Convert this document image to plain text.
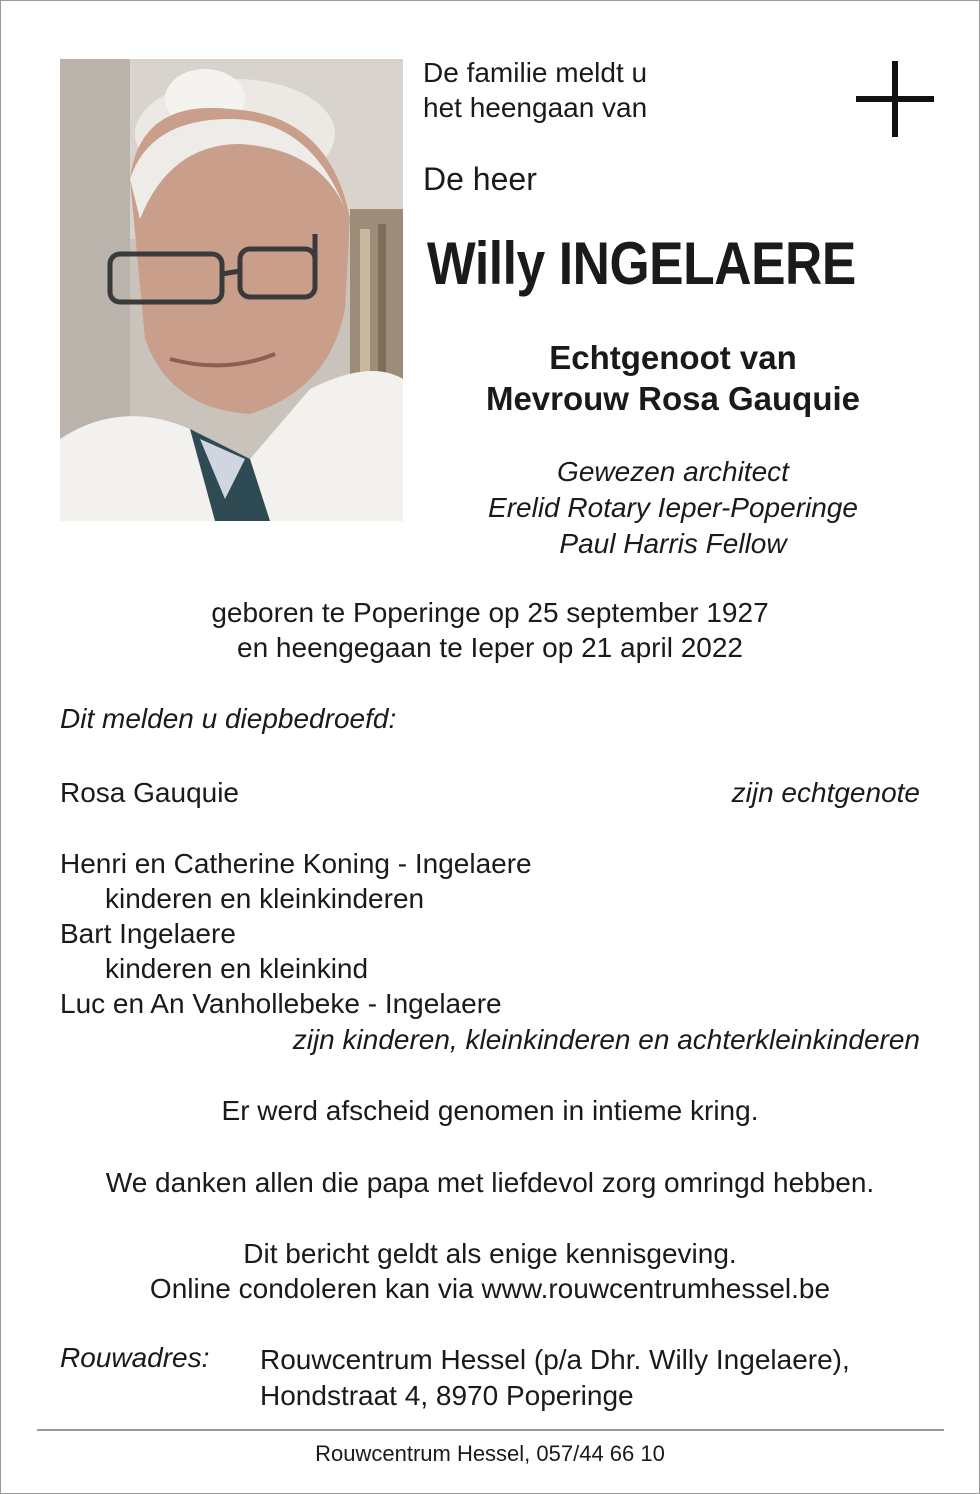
De familie meldt u
het heengaan van
De heer
Willy INGELAERE
Echtgenoot van
Mevrouw Rosa Gauquie
Gewezen architect
Erelid Rotary Ieper-Poperinge
Paul Harris Fellow
geboren te Poperinge op 25 september 1927
en heengegaan te Ieper op 21 april 2022
Dit melden u diepbedroefd:
Rosa Gauquie	zijn echtgenote
Henri en Catherine Koning - Ingelaere
kinderen en kleinkinderen
Bart Ingelaere
kinderen en kleinkind
Luc en An Vanhollebeke - Ingelaere
zijn kinderen, kleinkinderen en achterkleinkinderen
Er werd afscheid genomen in intieme kring.
We danken allen die papa met liefdevol zorg omringd hebben.
Dit bericht geldt als enige kennisgeving.
Online condoleren kan via www.rouwcentrumhessel.be
Rouwadres: Rouwcentrum Hessel (p/a Dhr. Willy Ingelaere),
Hondstraat 4, 8970 Poperinge
Rouwcentrum Hessel, 057/44 66 10
